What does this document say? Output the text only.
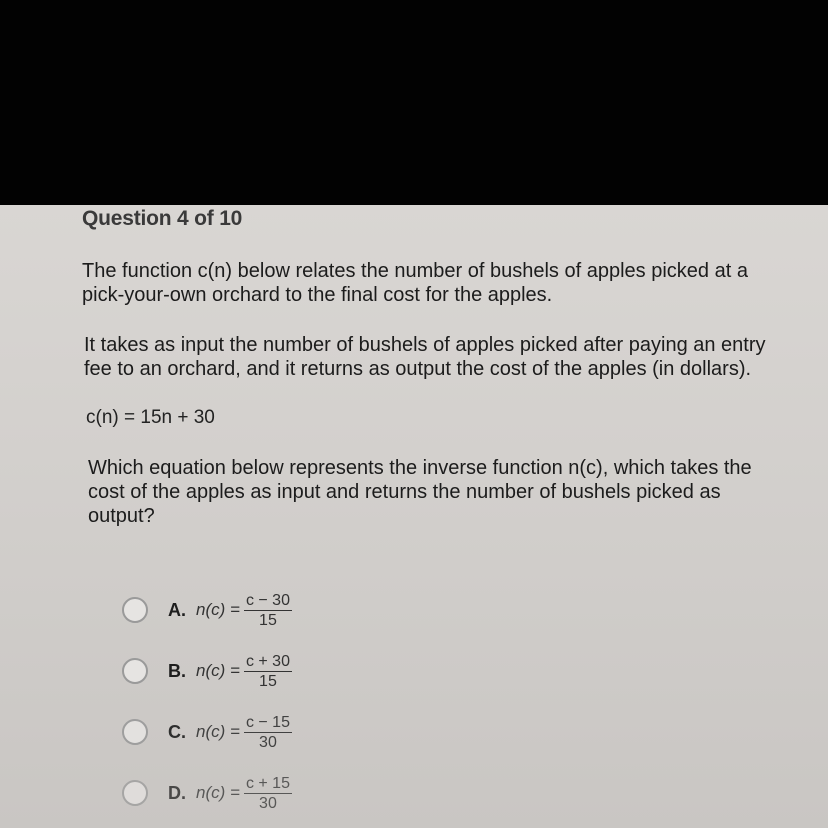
Question 4 of 10
The function c(n) below relates the number of bushels of apples picked at a pick-your-own orchard to the final cost for the apples.
It takes as input the number of bushels of apples picked after paying an entry fee to an orchard, and it returns as output the cost of the apples (in dollars).
c(n) = 15n + 30
Which equation below represents the inverse function n(c), which takes the cost of the apples as input and returns the number of bushels picked as output?
A. $n(c) = \frac{c - 30}{15}$
B. $n(c) = \frac{c + 30}{15}$
C. $n(c) = \frac{c - 15}{30}$
D. $n(c) = \frac{c + 15}{30}$
